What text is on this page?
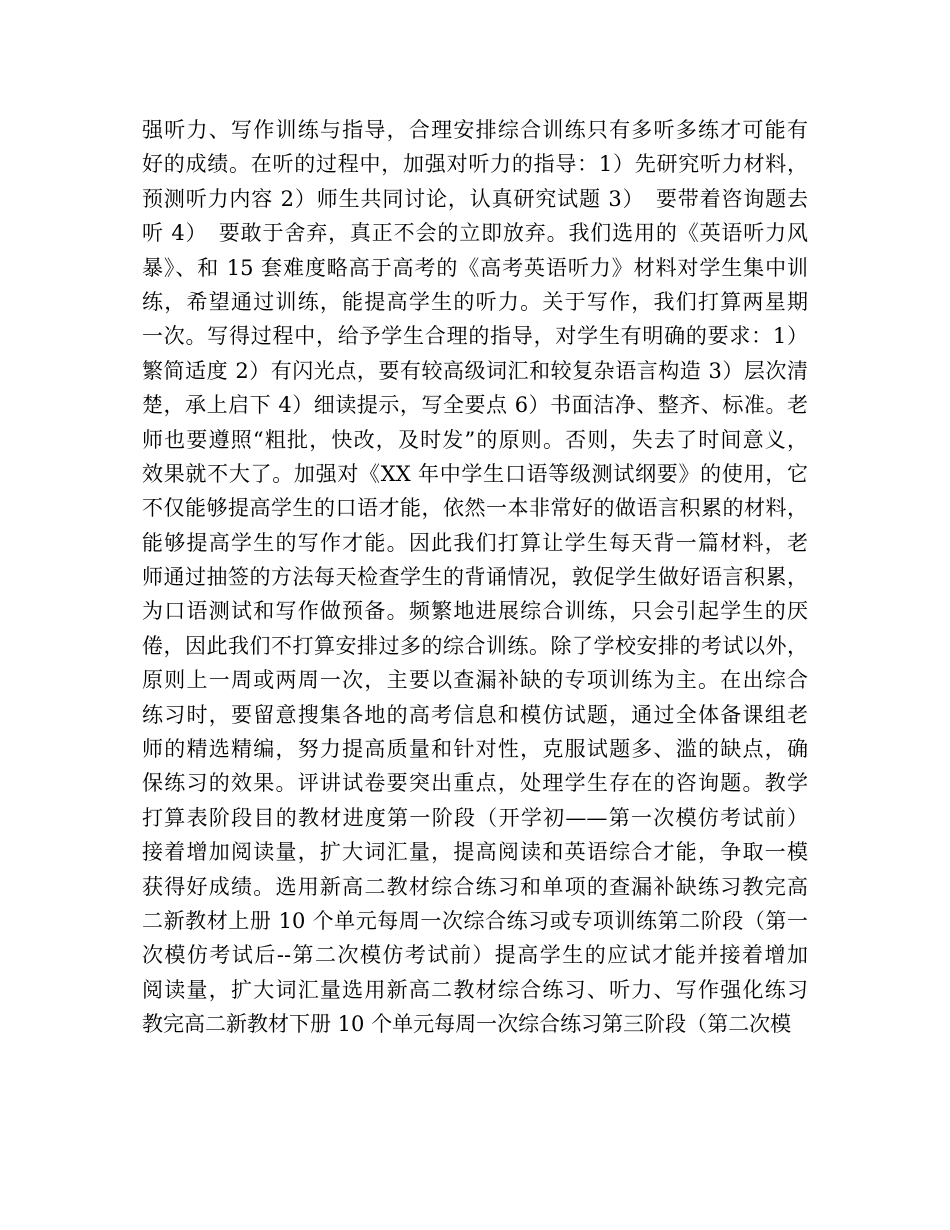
强听力、写作训练与指导，合理安排综合训练只有多听多练才可能有
好的成绩。在听的过程中，加强对听力的指导：1）先研究听力材料，
预测听力内容 2）师生共同讨论，认真研究试题 3）　要带着咨询题去
听 4）　要敢于舍弃，真正不会的立即放弃。我们选用的《英语听力风
暴》、和 15 套难度略高于高考的《高考英语听力》材料对学生集中训
练，希望通过训练，能提高学生的听力。关于写作，我们打算两星期
一次。写得过程中，给予学生合理的指导，对学生有明确的要求：1）
繁简适度 2）有闪光点，要有较高级词汇和较复杂语言构造 3）层次清
楚，承上启下 4）细读提示，写全要点 6）书面洁净、整齐、标准。老
师也要遵照“粗批，快改，及时发”的原则。否则，失去了时间意义，
效果就不大了。加强对《XX 年中学生口语等级测试纲要》的使用，它
不仅能够提高学生的口语才能，依然一本非常好的做语言积累的材料，
能够提高学生的写作才能。因此我们打算让学生每天背一篇材料，老
师通过抽签的方法每天检查学生的背诵情况，敦促学生做好语言积累，
为口语测试和写作做预备。频繁地进展综合训练，只会引起学生的厌
倦，因此我们不打算安排过多的综合训练。除了学校安排的考试以外，
原则上一周或两周一次，主要以查漏补缺的专项训练为主。在出综合
练习时，要留意搜集各地的高考信息和模仿试题，通过全体备课组老
师的精选精编，努力提高质量和针对性，克服试题多、滥的缺点，确
保练习的效果。评讲试卷要突出重点，处理学生存在的咨询题。教学
打算表阶段目的教材进度第一阶段（开学初——第一次模仿考试前）
接着增加阅读量，扩大词汇量，提高阅读和英语综合才能，争取一模
获得好成绩。选用新高二教材综合练习和单项的查漏补缺练习教完高
二新教材上册 10 个单元每周一次综合练习或专项训练第二阶段（第一
次模仿考试后--第二次模仿考试前）提高学生的应试才能并接着增加
阅读量，扩大词汇量选用新高二教材综合练习、听力、写作强化练习
教完高二新教材下册 10 个单元每周一次综合练习第三阶段（第二次模
